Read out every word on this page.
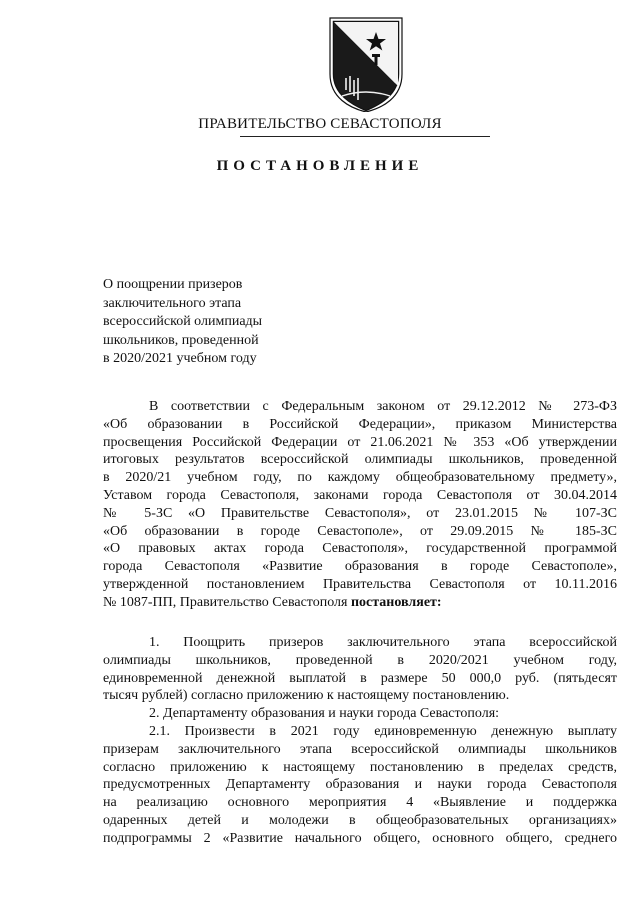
ПРАВИТЕЛЬСТВО СЕВАСТОПОЛЯ
ПОСТАНОВЛЕНИЕ
О поощрении призеров
заключительного этапа
всероссийской олимпиады
школьников, проведенной
в 2020/2021 учебном году
В соответствии с Федеральным законом от 29.12.2012 № 273-ФЗ
«Об образовании в Российской Федерации», приказом Министерства
просвещения Российской Федерации от 21.06.2021 № 353 «Об утверждении
итоговых результатов всероссийской олимпиады школьников, проведенной
в 2020/21 учебном году, по каждому общеобразовательному предмету»,
Уставом города Севастополя, законами города Севастополя от 30.04.2014
№ 5-ЗС «О Правительстве Севастополя», от 23.01.2015 № 107-ЗС
«Об образовании в городе Севастополе», от 29.09.2015 № 185-ЗС
«О правовых актах города Севастополя», государственной программой
города Севастополя «Развитие образования в городе Севастополе»,
утвержденной постановлением Правительства Севастополя от 10.11.2016
№ 1087-ПП, Правительство Севастополя постановляет:
1. Поощрить призеров заключительного этапа всероссийской
олимпиады школьников, проведенной в 2020/2021 учебном году,
единовременной денежной выплатой в размере 50 000,0 руб. (пятьдесят
тысяч рублей) согласно приложению к настоящему постановлению.
2. Департаменту образования и науки города Севастополя:
2.1. Произвести в 2021 году единовременную денежную выплату
призерам заключительного этапа всероссийской олимпиады школьников
согласно приложению к настоящему постановлению в пределах средств,
предусмотренных Департаменту образования и науки города Севастополя
на реализацию основного мероприятия 4 «Выявление и поддержка
одаренных детей и молодежи в общеобразовательных организациях»
подпрограммы 2 «Развитие начального общего, основного общего, среднего
